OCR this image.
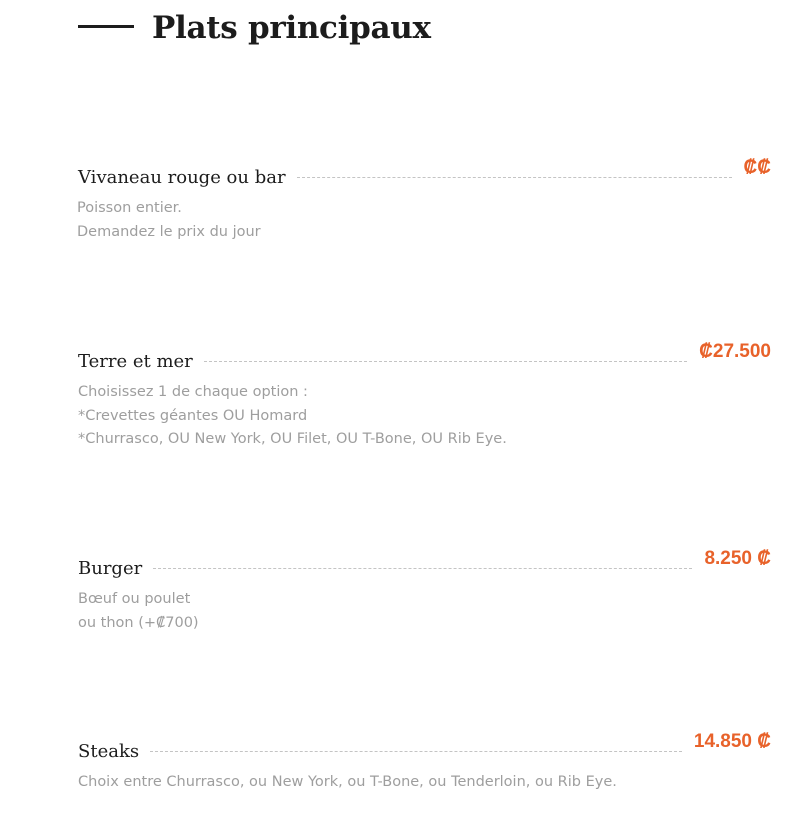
Plats principaux
Vivaneau rouge ou bar	₡₡
Poisson entier.
Demandez le prix du jour
Terre et mer	₡27.500
Choisissez 1 de chaque option :
*Crevettes géantes OU Homard
*Churrasco, OU New York, OU Filet, OU T-Bone, OU Rib Eye.
Burger	8.250 ₡
Bœuf ou poulet
ou thon (+₡700)
Steaks	14.850 ₡
Choix entre Churrasco, ou New York, ou T-Bone, ou Tenderloin, ou Rib Eye.
